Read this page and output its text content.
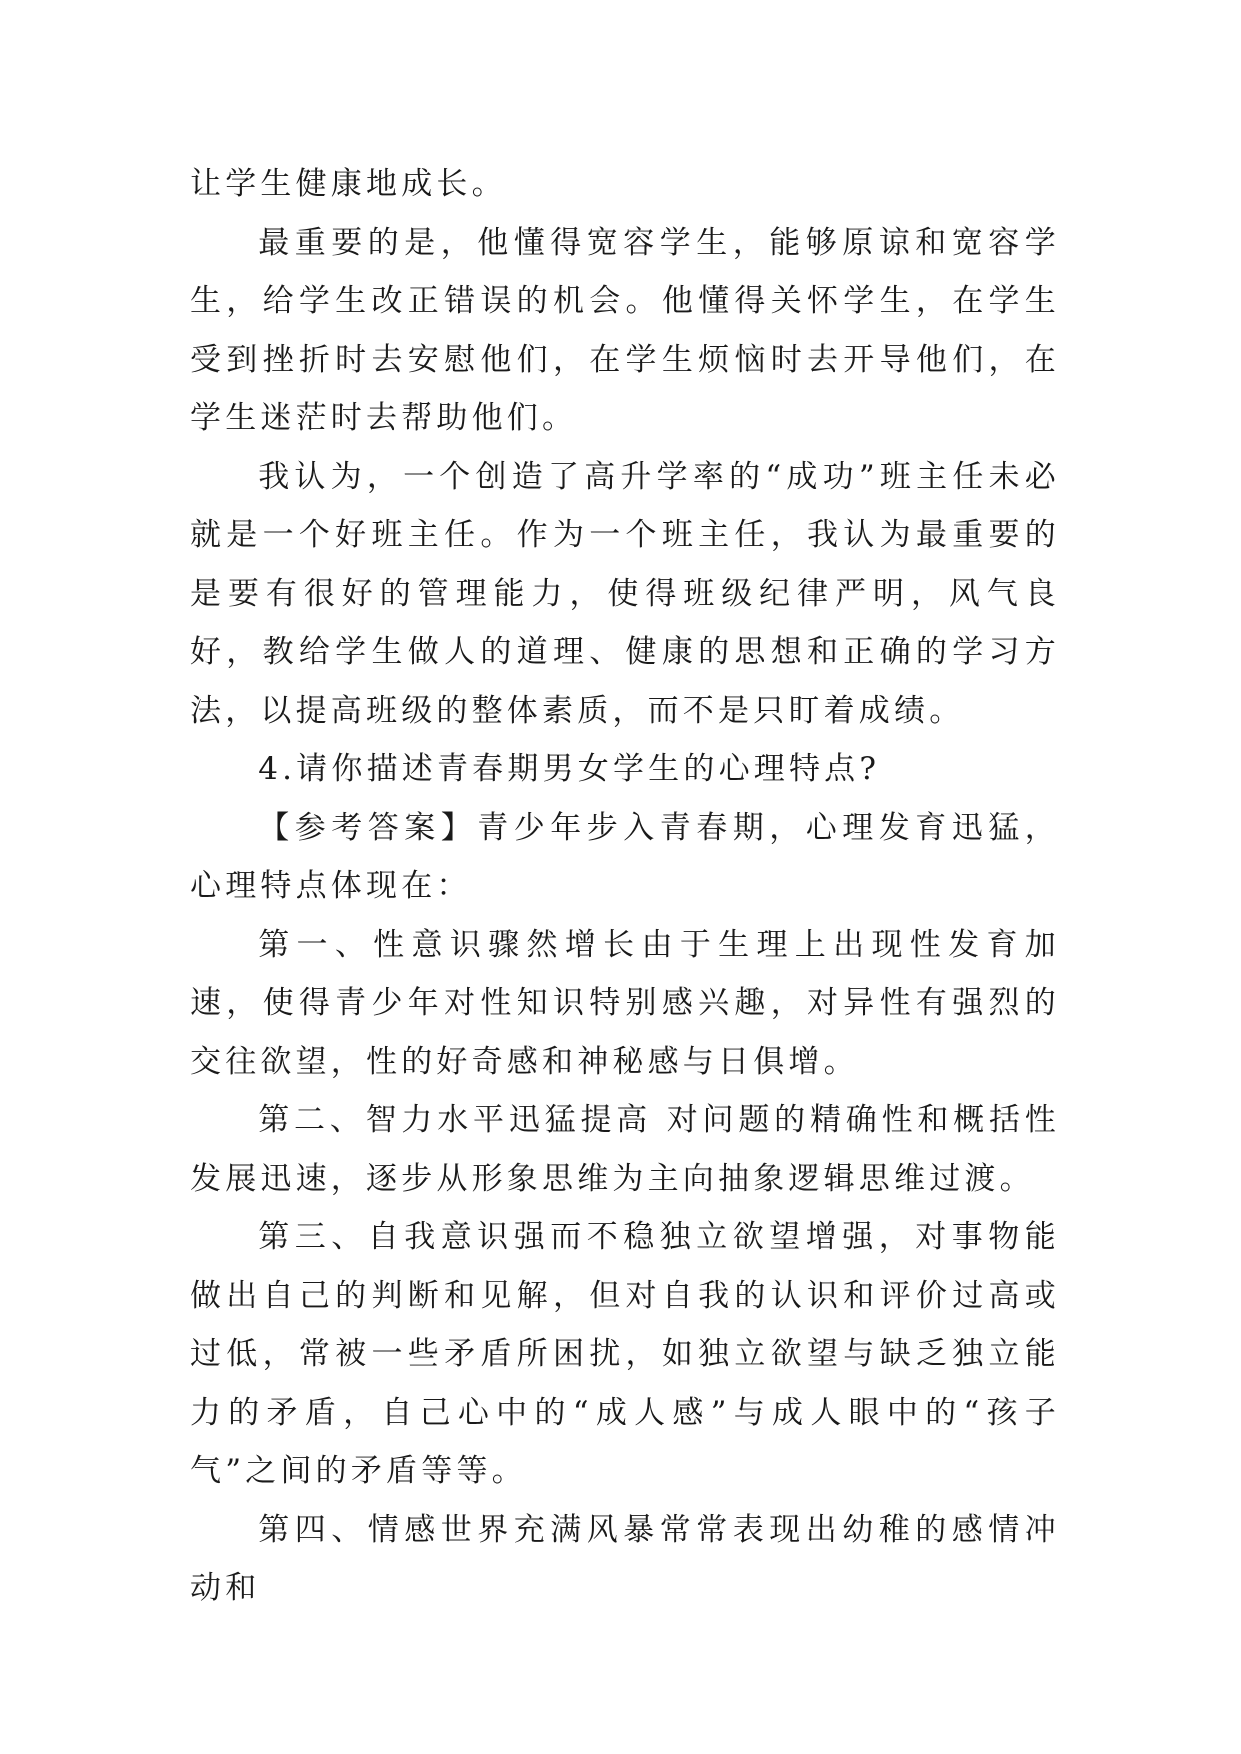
让学生健康地成长。

最重要的是，他懂得宽容学生，能够原谅和宽容学生，给学生改正错误的机会。他懂得关怀学生，在学生受到挫折时去安慰他们，在学生烦恼时去开导他们，在学生迷茫时去帮助他们。

我认为，一个创造了高升学率的“成功”班主任未必就是一个好班主任。作为一个班主任，我认为最重要的是要有很好的管理能力，使得班级纪律严明，风气良好，教给学生做人的道理、健康的思想和正确的学习方法，以提高班级的整体素质，而不是只盯着成绩。

4.请你描述青春期男女学生的心理特点?

【参考答案】青少年步入青春期，心理发育迅猛，心理特点体现在：

第一、性意识骤然增长由于生理上出现性发育加速，使得青少年对性知识特别感兴趣，对异性有强烈的交往欲望，性的好奇感和神秘感与日俱增。

第二、智力水平迅猛提高 对问题的精确性和概括性发展迅速，逐步从形象思维为主向抽象逻辑思维过渡。

第三、自我意识强而不稳独立欲望增强，对事物能做出自己的判断和见解，但对自我的认识和评价过高或过低，常被一些矛盾所困扰，如独立欲望与缺乏独立能力的矛盾，自己心中的“成人感”与成人眼中的“孩子气”之间的矛盾等等。

第四、情感世界充满风暴常常表现出幼稚的感情冲动和
